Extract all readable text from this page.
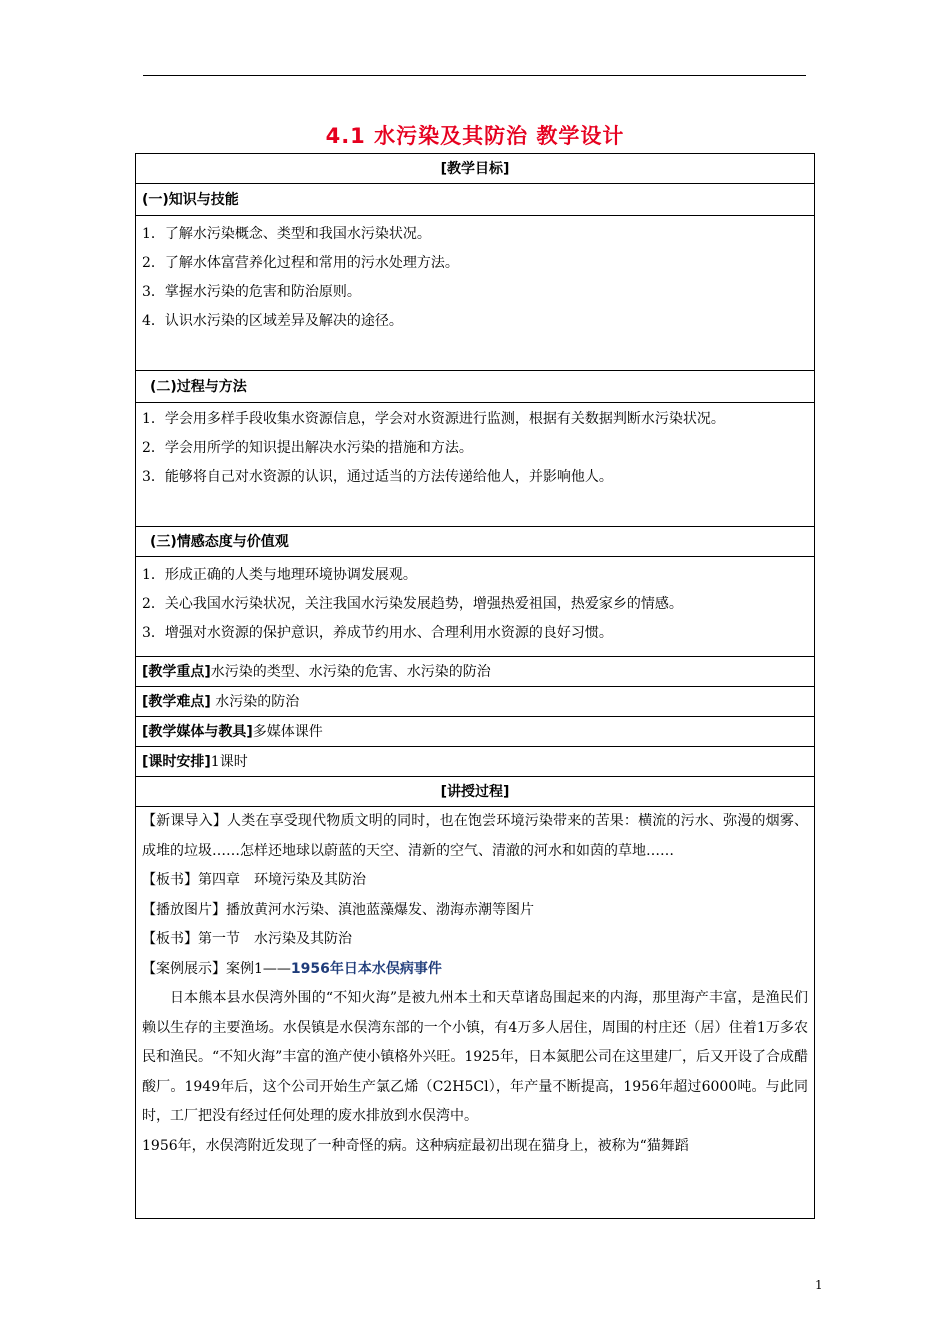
4.1 水污染及其防治 教学设计
[教学目标]
(一)知识与技能
1．了解水污染概念、类型和我国水污染状况。
2．了解水体富营养化过程和常用的污水处理方法。
3．掌握水污染的危害和防治原则。
4．认识水污染的区域差异及解决的途径。
(二)过程与方法
1．学会用多样手段收集水资源信息，学会对水资源进行监测，根据有关数据判断水污染状况。
2．学会用所学的知识提出解决水污染的措施和方法。
3．能够将自己对水资源的认识，通过适当的方法传递给他人，并影响他人。
(三)情感态度与价值观
1．形成正确的人类与地理环境协调发展观。
2．关心我国水污染状况，关注我国水污染发展趋势，增强热爱祖国，热爱家乡的情感。
3．增强对水资源的保护意识，养成节约用水、合理利用水资源的良好习惯。
[教学重点]水污染的类型、水污染的危害、水污染的防治
[教学难点] 水污染的防治
[教学媒体与教具]多媒体课件
[课时安排]1课时
[讲授过程]
【新课导入】人类在享受现代物质文明的同时，也在饱尝环境污染带来的苦果：横流的污水、弥漫的烟雾、成堆的垃圾……怎样还地球以蔚蓝的天空、清新的空气、清澈的河水和如茵的草地……
【板书】第四章　环境污染及其防治
【播放图片】播放黄河水污染、滇池蓝藻爆发、渤海赤潮等图片
【板书】第一节　水污染及其防治
【案例展示】案例1——1956年日本水俣病事件
日本熊本县水俣湾外围的“不知火海”是被九州本土和天草诸岛围起来的内海，那里海产丰富，是渔民们赖以生存的主要渔场。水俣镇是水俣湾东部的一个小镇，有4万多人居住，周围的村庄还（居）住着1万多农民和渔民。“不知火海”丰富的渔产使小镇格外兴旺。1925年，日本氮肥公司在这里建厂，后又开设了合成醋酸厂。1949年后，这个公司开始生产氯乙烯（C2H5Cl），年产量不断提高，1956年超过6000吨。与此同时，工厂把没有经过任何处理的废水排放到水俣湾中。
1956年，水俣湾附近发现了一种奇怪的病。这种病症最初出现在猫身上，被称为“猫舞蹈
1
